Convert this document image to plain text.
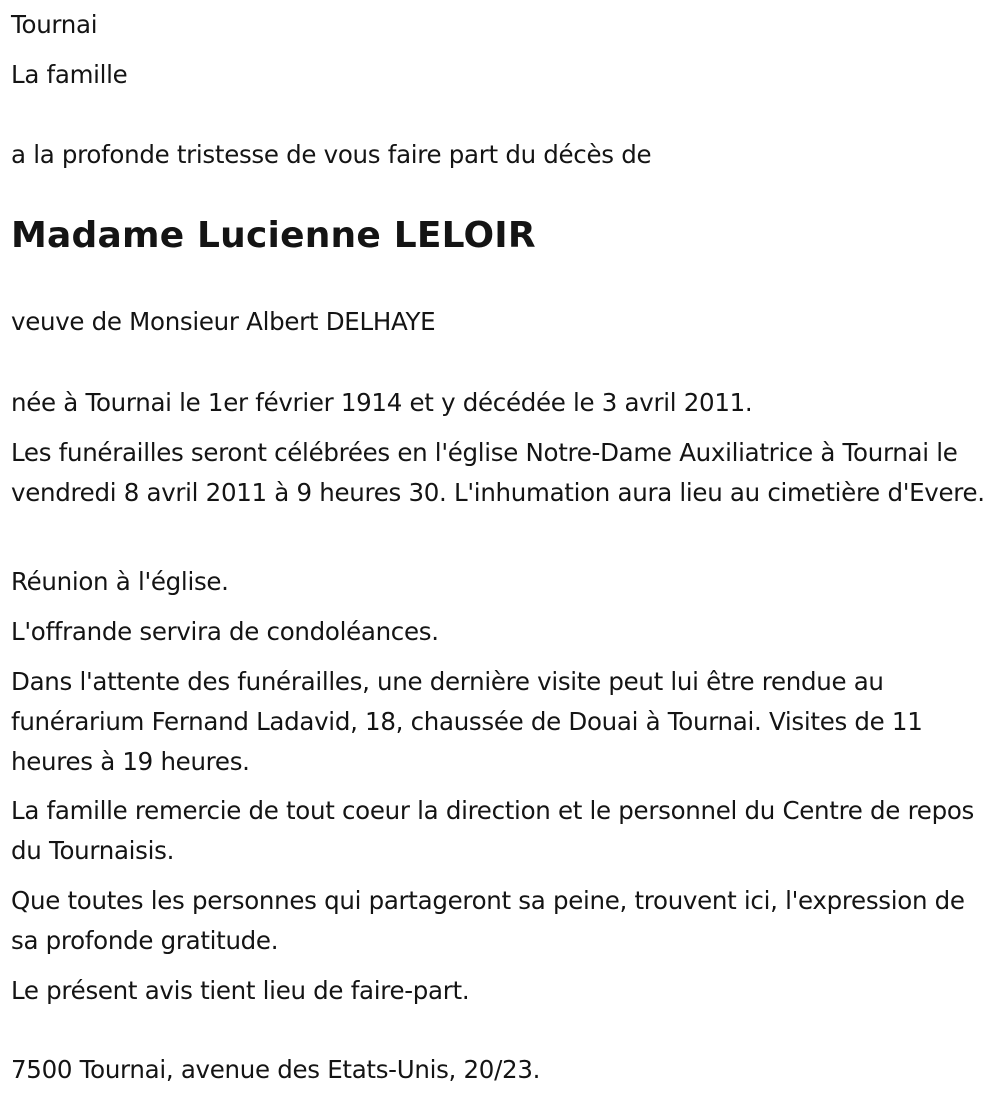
Tournai

La famille

a la profonde tristesse de vous faire part du décès de

Madame Lucienne LELOIR

veuve de Monsieur Albert DELHAYE

née à Tournai le 1er février 1914 et y décédée le 3 avril 2011.

Les funérailles seront célébrées en l'église Notre-Dame Auxiliatrice à Tournai le vendredi 8 avril 2011 à 9 heures 30. L'inhumation aura lieu au cimetière d'Evere.

Réunion à l'église.

L'offrande servira de condoléances.

Dans l'attente des funérailles, une dernière visite peut lui être rendue au funérarium Fernand Ladavid, 18, chaussée de Douai à Tournai. Visites de 11 heures à 19 heures.

La famille remercie de tout coeur la direction et le personnel du Centre de repos du Tournaisis.

Que toutes les personnes qui partageront sa peine, trouvent ici, l'expression de sa profonde gratitude.

Le présent avis tient lieu de faire-part.

7500 Tournai, avenue des Etats-Unis, 20/23.
